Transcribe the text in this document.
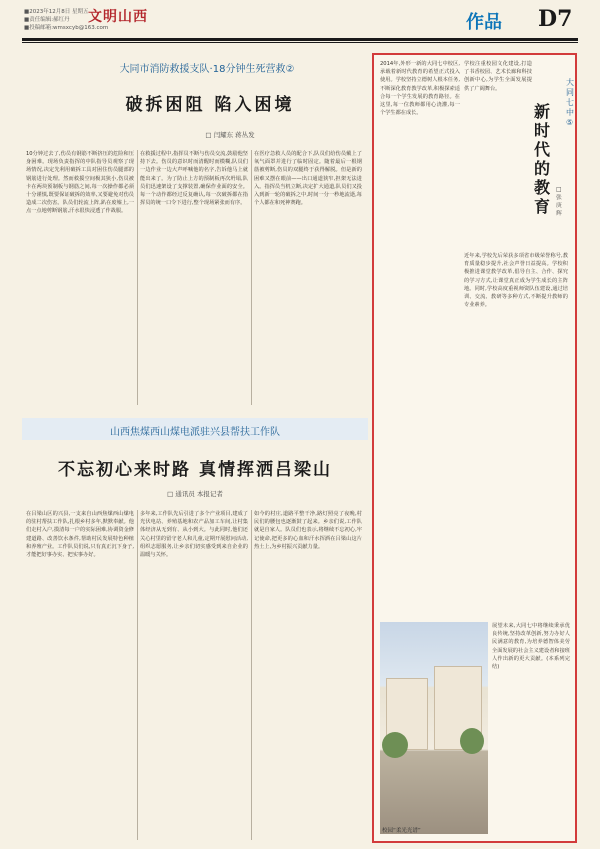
■2023年12月8日 星期五
■责任编辑:郝红丹
■投稿邮箱:wmsxcyb@163.com
文明山西	作品	D7
大同市消防救援支队·18分钟生死营救②
破拆困阻 陷入困境
□ 闫耀东 蒋丛发
10分钟过去了,伤员有钢筋不断挤压的危险和压身困难。现场负责指挥的中队指导员观察了现场情况,决定先利用破拆工具对困住伤员腿部的钢筋进行处理。然而救援空间极其狭小,伤员被卡在两块预制板与钢筋之间,每一次操作都必须十分谨慎,既要保证破拆的效率,又要避免对伤员造成二次伤害。队员们轮流上阵,趴在废墟上,一点一点地剪断钢筋,汗水很快浸透了作战服。
在救援过程中,指挥员不断与伤员交流,鼓励他坚持下去。伤员的意识时而清醒时而模糊,队员们一边作业一边大声呼喊他的名字,告诉他马上就能出来了。为了防止上方的预制板再次坍塌,队员们迅速架设了支撑装置,确保作业面的安全。每一个动作都经过反复确认,每一次破拆都在指挥员的统一口令下进行,整个现场紧张而有序。
在医疗急救人员的配合下,队员们给伤员戴上了氧气面罩并进行了临时固定。随着最后一根钢筋被剪断,伤员的双腿终于获得解脱。但是新的困难又摆在眼前——出口通道狭窄,担架无法进入。指挥员当机立断,决定扩大通道,队员们又投入到新一轮的破拆之中,时间一分一秒地流逝,每个人都在和死神赛跑。
山西焦煤西山煤电派驻兴县帮扶工作队
不忘初心来时路 真情挥洒吕梁山
□ 通讯员 本报记者
在吕梁山区的兴县,一支来自山西焦煤西山煤电的驻村帮扶工作队,扎根乡村多年,默默奉献。他们走村入户,摸清每一户的实际困难,协调资金修建道路、改善饮水条件,帮助村民发展特色种植和养殖产业。工作队员们说,只有真正沉下身子,才能把好事办实、把实事办好。
多年来,工作队先后引进了多个产业项目,建成了光伏电站、养殖基地和农产品加工车间,让村集体经济从无到有、从小到大。与此同时,他们还关心村里的留守老人和儿童,定期开展慰问活动,组织志愿服务,让乡亲们切实感受到来自企业的温暖与关怀。
如今的村庄,道路平整干净,路灯照亮了夜晚,村民们的腰包也逐渐鼓了起来。乡亲们说,工作队就是自家人。队员们也表示,将继续不忘初心,牢记使命,把更多的心血和汗水挥洒在吕梁山这片热土上,为乡村振兴贡献力量。
大同七中⑤
新时代的教育
□ 张庚辉
2014年,外形一新的大同七中校区,承载着新时代教育的希望正式投入使用。学校坚持立德树人根本任务,不断深化教育教学改革,积极探索适合每一个学生发展的教育路径。在这里,每一位教师都用心浇灌,每一个学生都在成长。
学校注重校园文化建设,打造了书香校园、艺术长廊和科技创新中心,为学生全面发展提供了广阔舞台。
近年来,学校先后荣获多项省市级荣誉称号,教育质量稳步提升,社会声誉日益提高。学校积极推进课堂教学改革,倡导自主、合作、探究的学习方式,让课堂真正成为学生成长的主阵地。同时,学校高度重视师资队伍建设,通过培训、交流、教研等多种方式,不断提升教师的专业素养。
校园“柔光光谱”
展望未来,大同七中将继续秉承优良传统,坚持改革创新,努力办好人民满意的教育,为培养德智体美劳全面发展的社会主义建设者和接班人作出新的更大贡献。(本系列完结)
